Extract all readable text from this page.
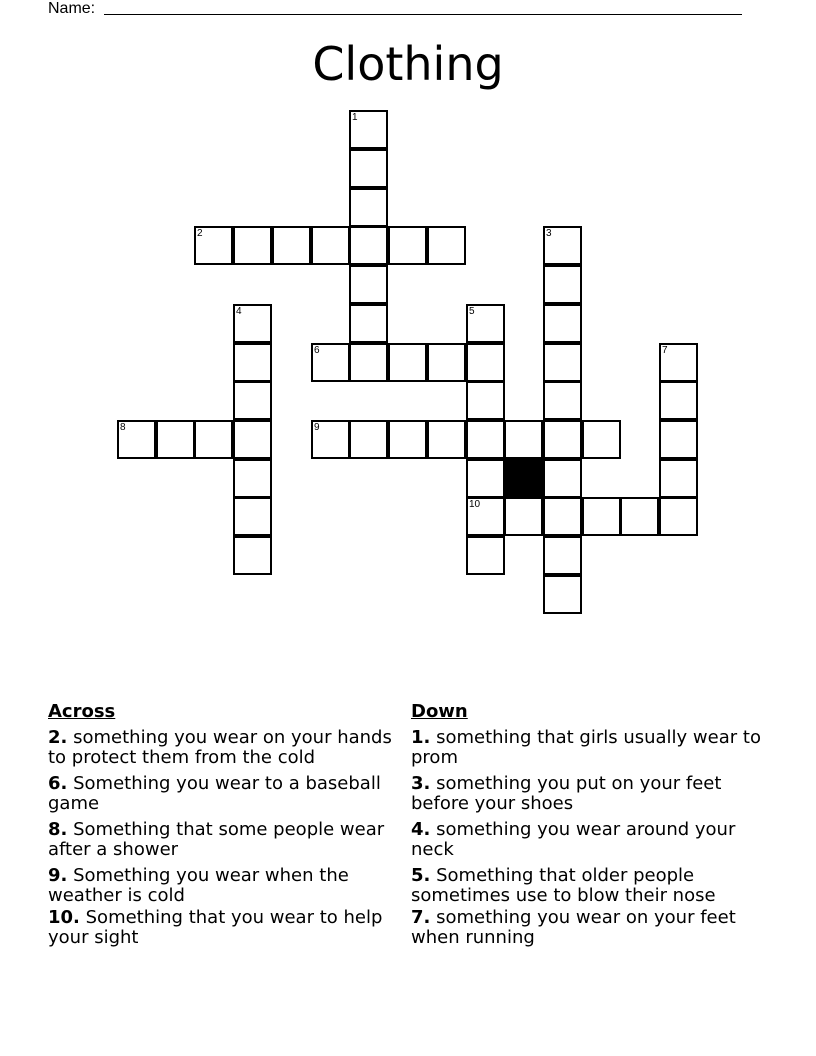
Name:
Clothing
1
2	3
4	5
6	7
8	9
10
Across
2. something you wear on your hands to protect them from the cold
6. Something you wear to a baseball game
8. Something that some people wear after a shower
9. Something you wear when the weather is cold
10. Something that you wear to help your sight
Down
1. something that girls usually wear to prom
3. something you put on your feet before your shoes
4. something you wear around your neck
5. Something that older people sometimes use to blow their nose
7. something you wear on your feet when running
